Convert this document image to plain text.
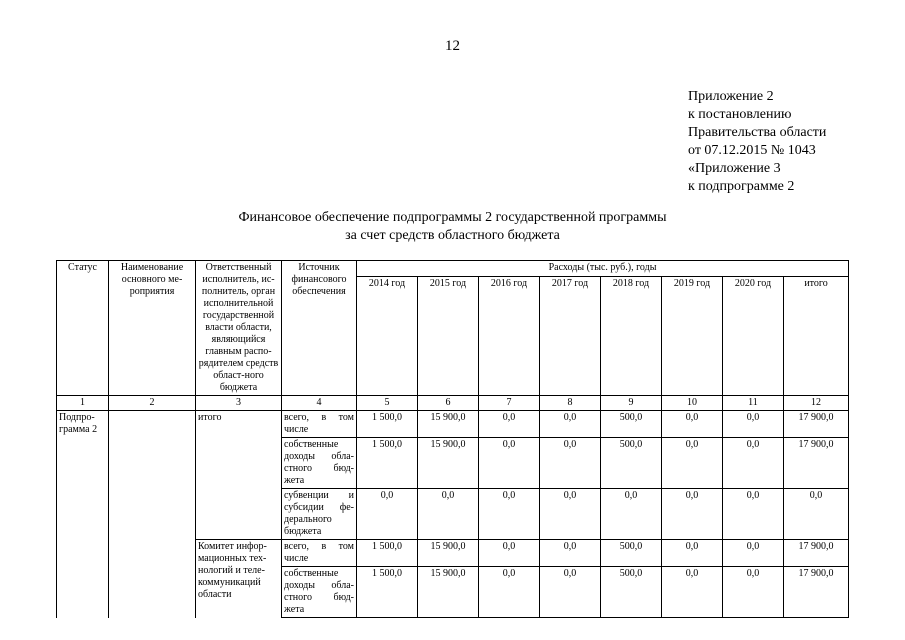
12
Приложение 2
к постановлению
Правительства области
от 07.12.2015 № 1043
«Приложение 3
к подпрограмме 2
Финансовое обеспечение подпрограммы 2 государственной программы
за счет средств областного бюджета
Статус	Наименование основного ме-роприятия	Ответственный исполнитель, ис-полнитель, орган исполнительной государственной власти области, являющийся главным распо-рядителем средств област-ного бюджета	Источник финансового обеспечения	Расходы (тыс. руб.), годы							
				2014 год	2015 год	2016 год	2017 год	2018 год	2019 год	2020 год	итого
1	2	3	4	5	6	7	8	9	10	11	12
Подпро-грамма 2		итого	всего, в том числе	1 500,0	15 900,0	0,0	0,0	500,0	0,0	0,0	17 900,0
			собственные доходы обла-стного бюд-жета	1 500,0	15 900,0	0,0	0,0	500,0	0,0	0,0	17 900,0
			субвенции и субсидии фе-дерального бюджета	0,0	0,0	0,0	0,0	0,0	0,0	0,0	0,0
		Комитет инфор-мационных тех-нологий и теле-коммуникаций области	всего, в том числе	1 500,0	15 900,0	0,0	0,0	500,0	0,0	0,0	17 900,0
			собственные доходы обла-стного бюд-жета	1 500,0	15 900,0	0,0	0,0	500,0	0,0	0,0	17 900,0
